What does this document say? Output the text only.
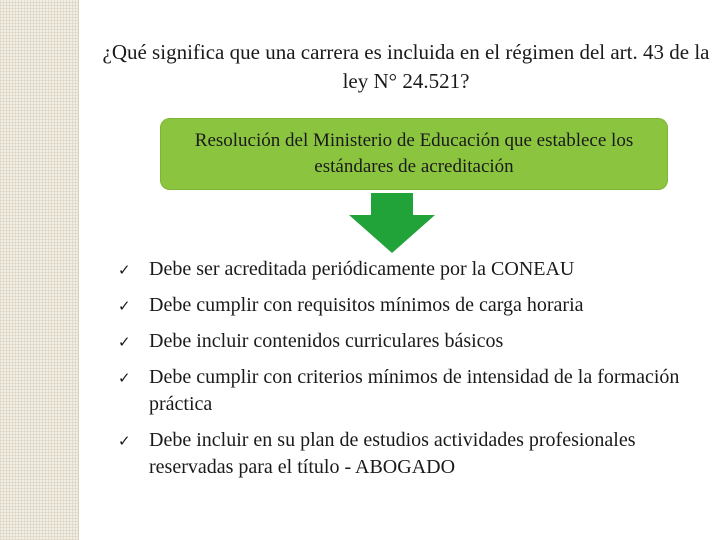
¿Qué significa que una carrera es incluida en el régimen del art. 43 de la ley N° 24.521?
Resolución del Ministerio de Educación que establece los estándares de acreditación
✓ Debe ser acreditada periódicamente por la CONEAU
✓ Debe cumplir con requisitos mínimos de carga horaria
✓ Debe incluir contenidos curriculares básicos
✓ Debe cumplir con criterios mínimos de intensidad de la formación práctica
✓ Debe incluir en su plan de estudios actividades profesionales reservadas para el título - ABOGADO
